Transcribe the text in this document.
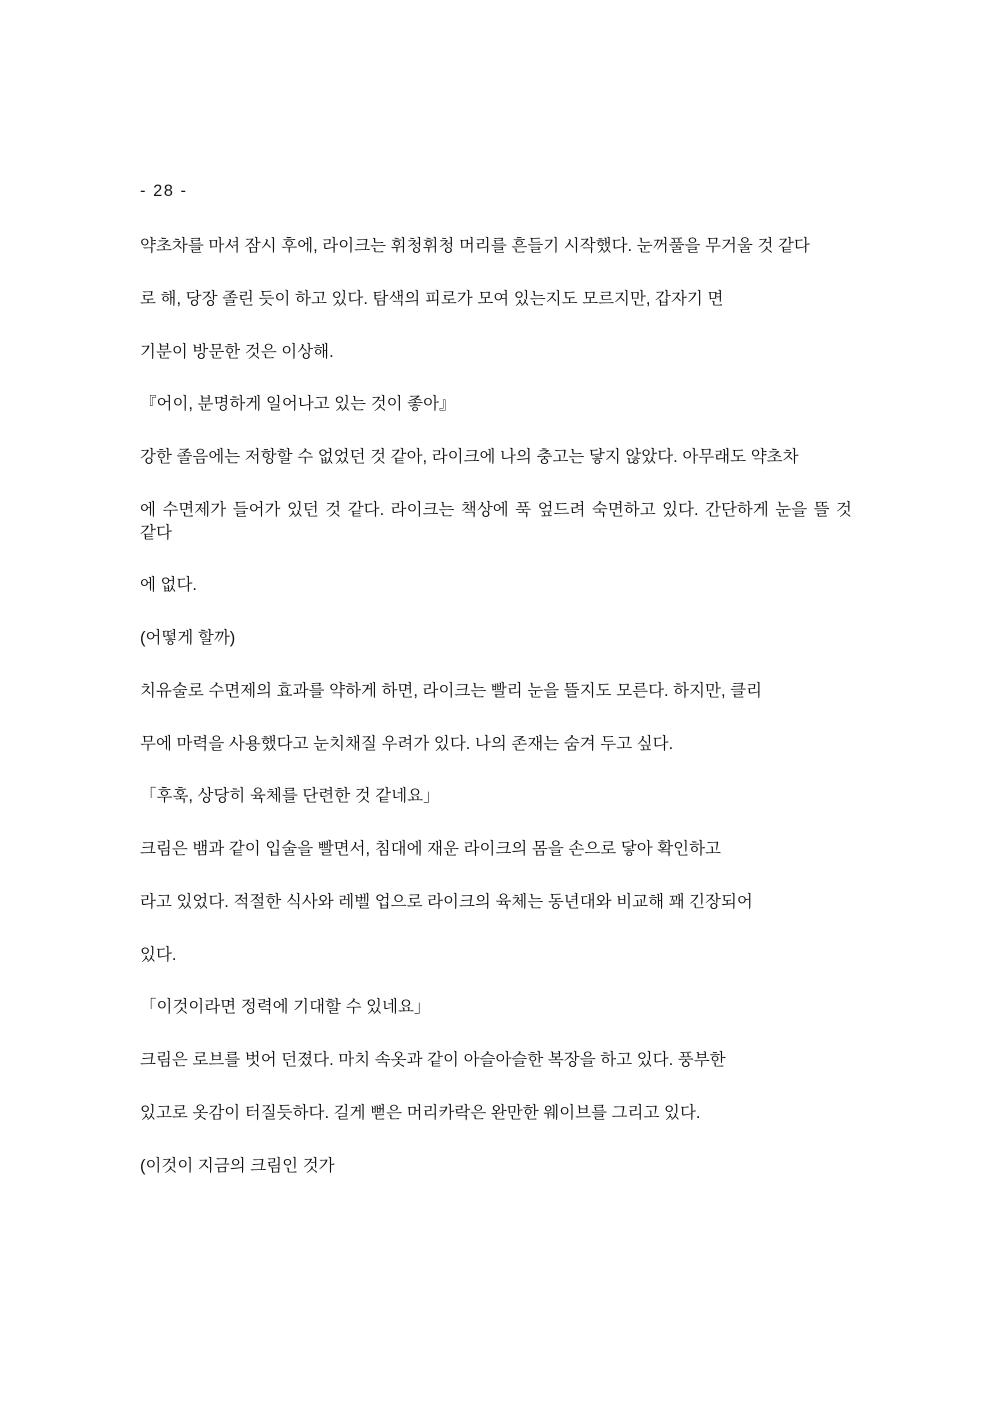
- 28 -

약초차를 마셔 잠시 후에, 라이크는 휘청휘청 머리를 흔들기 시작했다. 눈꺼풀을 무거울 것 같다

로 해, 당장 졸린 듯이 하고 있다. 탐색의 피로가 모여 있는지도 모르지만, 갑자기 면

기분이 방문한 것은 이상해.

『어이, 분명하게 일어나고 있는 것이 좋아』

강한 졸음에는 저항할 수 없었던 것 같아, 라이크에 나의 충고는 닿지 않았다. 아무래도 약초차

에 수면제가 들어가 있던 것 같다. 라이크는 책상에 푹 엎드려 숙면하고 있다. 간단하게 눈을 뜰 것 같다

에 없다.

(어떻게 할까)

치유술로 수면제의 효과를 약하게 하면, 라이크는 빨리 눈을 뜰지도 모른다. 하지만, 클리

무에 마력을 사용했다고 눈치채질 우려가 있다. 나의 존재는 숨겨 두고 싶다.

「후훅, 상당히 육체를 단련한 것 같네요」

크림은 뱀과 같이 입술을 빨면서, 침대에 재운 라이크의 몸을 손으로 닿아 확인하고

라고 있었다. 적절한 식사와 레벨 업으로 라이크의 육체는 동년대와 비교해 꽤 긴장되어

있다.

「이것이라면 정력에 기대할 수 있네요」

크림은 로브를 벗어 던졌다. 마치 속옷과 같이 아슬아슬한 복장을 하고 있다. 풍부한

있고로 옷감이 터질듯하다. 길게 뻗은 머리카락은 완만한 웨이브를 그리고 있다.

(이것이 지금의 크림인 것가
